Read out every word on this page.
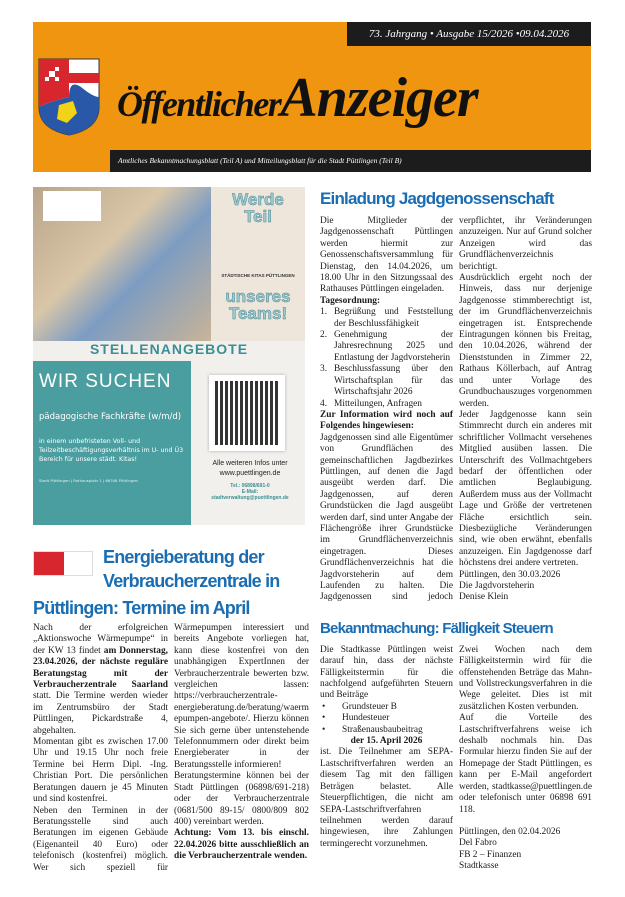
73. Jahrgang • Ausgabe 15/2026 •09.04.2026
ÖffentlicherAnzeiger
Amtliches Bekanntmachungsblatt (Teil A) und Mitteilungsblatt für die Stadt Püttlingen (Teil B)
Werde
Teil
STÄDTISCHE KITAS PÜTTLINGEN
unseres
Teams!
STELLENANGEBOTE
WIR SUCHEN
pädagogische Fachkräfte (w/m/d)
in einem unbefristeten Voll- und Teilzeitbeschäftigungsverhältnis im U- und Ü3 Bereich für unsere städt. Kitas!
Stadt Püttlingen | Rathausplatz 1 | 66346 Püttlingen
Alle weiteren Infos unter www.puettlingen.de
Tel.: 06898/691-0
E-Mail:
stadtverwaltung@puettlingen.de
Energieberatung der
Verbraucherzentrale in
Püttlingen: Termine im April

Nach der erfolgreichen „Aktionswoche Wärmepumpe“ in der KW 13 findet am Donnerstag, 23.04.2026, der nächste reguläre Beratungstag mit der Verbraucherzentrale Saarland statt. Die Termine werden wieder im Zentrumsbüro der Stadt Püttlingen, Pickardstraße 4, abgehalten.

Momentan gibt es zwischen 17.00 Uhr und 19.15 Uhr noch freie Termine bei Herrn Dipl. -Ing. Christian Port. Die persönlichen Beratungen dauern je 45 Minuten und sind kostenfrei.

Neben den Terminen in der Beratungsstelle sind auch Beratungen im eigenen Gebäude (Eigenanteil 40 Euro) oder telefonisch (kostenfrei) möglich. Wer sich speziell für Wärmepumpen interessiert und bereits Angebote vorliegen hat, kann diese kostenfrei von den unabhängigen ExpertInnen der Verbraucherzentrale bewerten bzw. vergleichen lassen: https://verbraucherzentrale-energieberatung.de/beratung/waermepumpen-angebote/. Hierzu können Sie sich gerne über untenstehende Telefonnummern oder direkt beim Energieberater in der Beratungsstelle informieren!

Beratungstermine können bei der Stadt Püttlingen (06898/691-218) oder der Verbraucherzentrale (0681/500 89-15/ 0800/809 802 400) vereinbart werden.

Achtung: Vom 13. bis einschl. 22.04.2026 bitte ausschließlich an die Verbraucherzentrale wenden.

Einladung Jagdgenossenschaft

Die Mitglieder der Jagdgenossenschaft Püttlingen werden hiermit zur Genossenschaftsversammlung für Dienstag, den 14.04.2026, um 18.00 Uhr in den Sitzungssaal des Rathauses Püttlingen eingeladen.

Tagesordnung:

1. Begrüßung und Feststellung der Beschlussfähigkeit
2. Genehmigung der Jahresrechnung 2025 und Entlastung der Jagdvorsteherin
3. Beschlussfassung über den Wirtschaftsplan für das Wirtschaftsjahr 2026
4. Mitteilungen, Anfragen

Zur Information wird noch auf Folgendes hingewiesen:

Jagdgenossen sind alle Eigentümer von Grundflächen des gemeinschaftlichen Jagdbezirkes Püttlingen, auf denen die Jagd ausgeübt werden darf. Die Jagdgenossen, auf deren Grundstücken die Jagd ausgeübt werden darf, sind unter Angabe der Flächengröße ihrer Grundstücke im Grundflächenverzeichnis eingetragen. Dieses Grundflächenverzeichnis hat die Jagdvorsteherin auf dem Laufenden zu halten. Die Jagdgenossen sind jedoch verpflichtet, ihr Veränderungen anzuzeigen. Nur auf Grund solcher Anzeigen wird das Grundflächenverzeichnis berichtigt.

Ausdrücklich ergeht noch der Hinweis, dass nur derjenige Jagdgenosse stimmberechtigt ist, der im Grundflächenverzeichnis eingetragen ist. Entsprechende Eintragungen können bis Freitag, den 10.04.2026, während der Dienststunden in Zimmer 22, Rathaus Köllerbach, auf Antrag und unter Vorlage des Grundbuchauszuges vorgenommen werden.

Jeder Jagdgenosse kann sein Stimmrecht durch ein anderes mit schriftlicher Vollmacht versehenes Mitglied ausüben lassen. Die Unterschrift des Vollmachtgebers bedarf der öffentlichen oder amtlichen Beglaubigung. Außerdem muss aus der Vollmacht Lage und Größe der vertretenen Fläche ersichtlich sein. Diesbezügliche Veränderungen sind, wie oben erwähnt, ebenfalls anzuzeigen. Ein Jagdgenosse darf höchstens drei andere vertreten.

Püttlingen, den 30.03.2026
Die Jagdvorsteherin
Denise Klein

Bekanntmachung: Fälligkeit Steuern

Die Stadtkasse Püttlingen weist darauf hin, dass der nächste Fälligkeitstermin für die nachfolgend aufgeführten Steuern und Beiträge

• Grundsteuer B
• Hundesteuer
• Straßenausbaubeitrag

der 15. April 2026

ist. Die Teilnehmer am SEPA-Lastschriftverfahren werden an diesem Tag mit den fälligen Beträgen belastet. Alle Steuerpflichtigen, die nicht am SEPA-Lastschriftverfahren teilnehmen werden darauf hingewiesen, ihre Zahlungen termingerecht vorzunehmen.

Zwei Wochen nach dem Fälligkeitstermin wird für die offenstehenden Beträge das Mahn- und Vollstreckungsverfahren in die Wege geleitet. Dies ist mit zusätzlichen Kosten verbunden.

Auf die Vorteile des Lastschriftverfahrens weise ich deshalb nochmals hin. Das Formular hierzu finden Sie auf der Homepage der Stadt Püttlingen, es kann per E-Mail angefordert werden, stadtkasse@puettlingen.de oder telefonisch unter 06898 691 118.

Püttlingen, den 02.04.2026
Del Fabro
FB 2 – Finanzen
Stadtkasse
